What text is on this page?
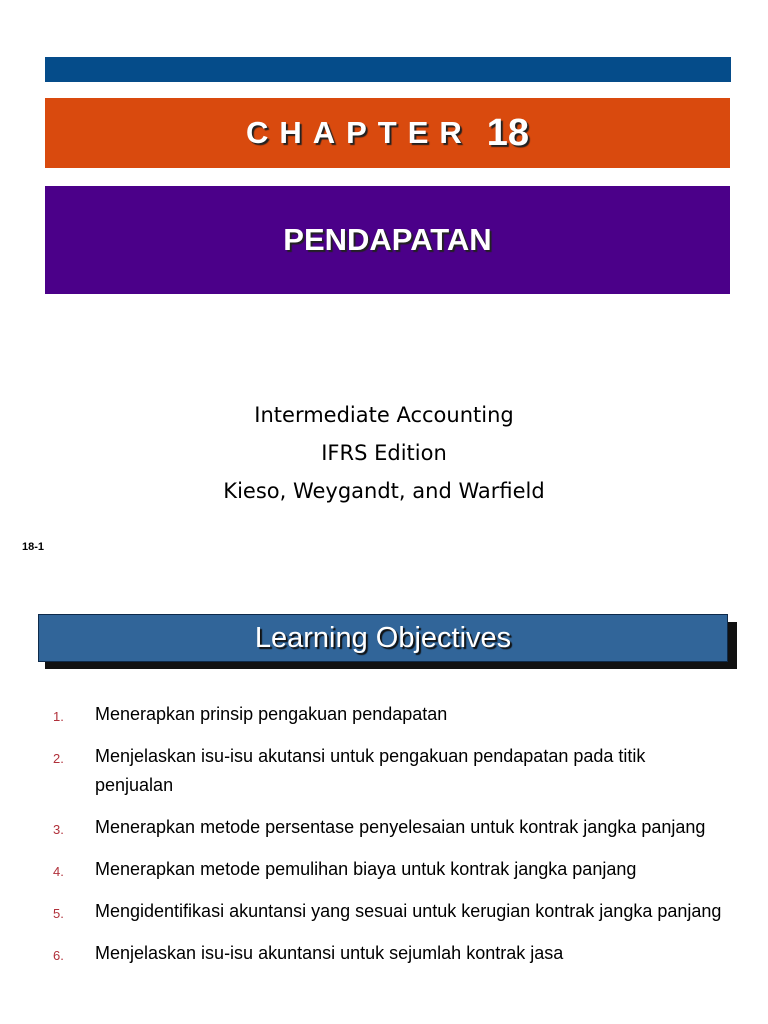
CHAPTER 18
PENDAPATAN
Intermediate Accounting
IFRS Edition
Kieso, Weygandt, and Warfield
18-1
Learning Objectives
1. Menerapkan prinsip pengakuan pendapatan
2. Menjelaskan isu-isu akutansi untuk pengakuan pendapatan pada titik penjualan
3. Menerapkan metode persentase penyelesaian untuk kontrak jangka panjang
4. Menerapkan metode pemulihan biaya untuk kontrak jangka panjang
5. Mengidentifikasi akuntansi yang sesuai untuk kerugian kontrak jangka panjang
6. Menjelaskan isu-isu akuntansi untuk sejumlah kontrak jasa
